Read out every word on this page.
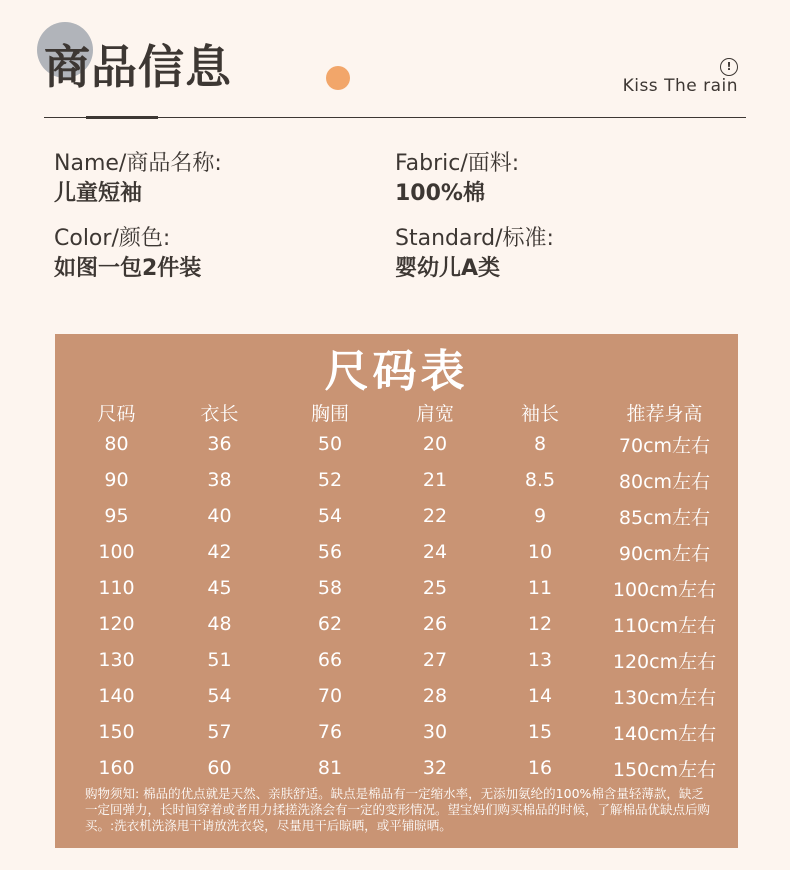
商品信息	!
Kiss The rain
Name/商品名称:
儿童短袖
Fabric/面料:
100%棉
Color/颜色:
如图一包2件装
Standard/标准:
婴幼儿A类
尺码表
尺码	衣长	胸围	肩宽	袖长	推荐身高
80	36	50	20	8	70cm左右
90	38	52	21	8.5	80cm左右
95	40	54	22	9	85cm左右
100	42	56	24	10	90cm左右
110	45	58	25	11	100cm左右
120	48	62	26	12	110cm左右
130	51	66	27	13	120cm左右
140	54	70	28	14	130cm左右
150	57	76	30	15	140cm左右
160	60	81	32	16	150cm左右
购物须知: 棉品的优点就是天然、亲肤舒适。缺点是棉品有一定缩水率，无添加氨纶的100%棉含量轻薄款，缺乏一定回弹力，长时间穿着或者用力揉搓洗涤会有一定的变形情况。望宝妈们购买棉品的时候，了解棉品优缺点后购买。:洗衣机洗涤甩干请放洗衣袋，尽量甩干后晾晒，或平铺晾晒。
